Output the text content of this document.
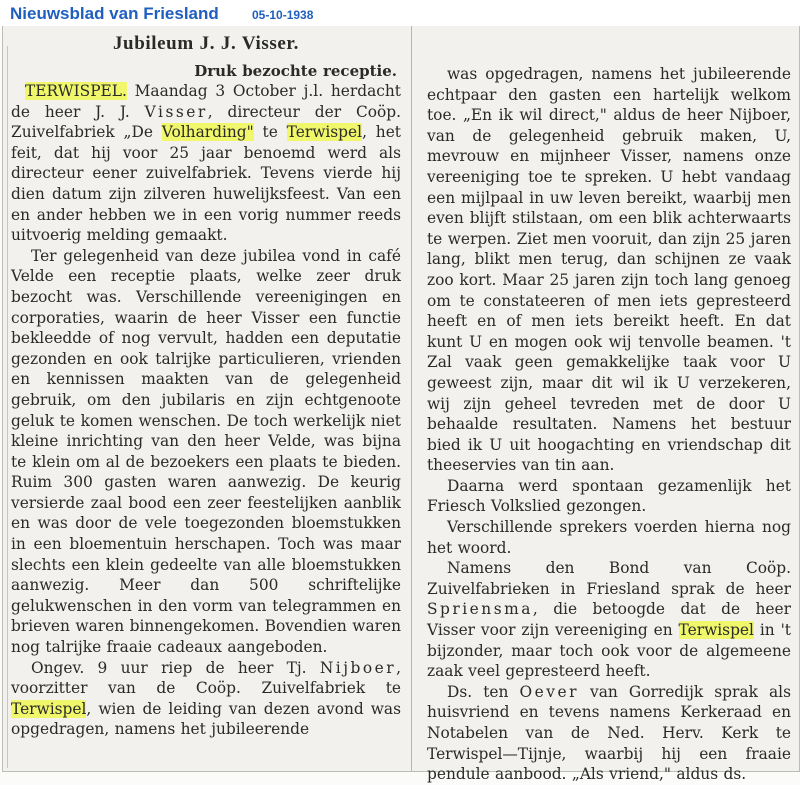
Nieuwsblad van Friesland	05-10-1938
Jubileum J. J. Visser.
Druk bezochte receptie.

TERWISPEL. Maandag 3 October j.l. herdacht de heer J. J. Visser, directeur der Coöp. Zuivelfabriek „De Volharding" te Terwispel, het feit, dat hij voor 25 jaar benoemd werd als directeur eener zuivelfabriek. Tevens vierde hij dien datum zijn zilveren huwelijksfeest. Van een en ander hebben we in een vorig nummer reeds uitvoerig melding gemaakt.

Ter gelegenheid van deze jubilea vond in café Velde een receptie plaats, welke zeer druk bezocht was. Verschillende vereenigingen en corporaties, waarin de heer Visser een functie bekleedde of nog vervult, hadden een deputatie gezonden en ook talrijke particulieren, vrienden en kennissen maakten van de gelegenheid gebruik, om den jubilaris en zijn echtgenoote geluk te komen wenschen. De toch werkelijk niet kleine inrichting van den heer Velde, was bijna te klein om al de bezoekers een plaats te bieden. Ruim 300 gasten waren aanwezig. De keurig versierde zaal bood een zeer feestelijken aanblik en was door de vele toegezonden bloemstukken in een bloementuin herschapen. Toch was maar slechts een klein gedeelte van alle bloemstukken aanwezig. Meer dan 500 schriftelijke gelukwenschen in den vorm van telegrammen en brieven waren binnengekomen. Bovendien waren nog talrijke fraaie cadeaux aangeboden.

Ongev. 9 uur riep de heer Tj. Nijboer, voorzitter van de Coöp. Zuivelfabriek te Terwispel, wien de leiding van dezen avond was opgedragen, namens het jubileerende

was opgedragen, namens het jubileerende echtpaar den gasten een hartelijk welkom toe. „En ik wil direct," aldus de heer Nijboer, van de gelegenheid gebruik maken, U, mevrouw en mijnheer Visser, namens onze vereeniging toe te spreken. U hebt vandaag een mijlpaal in uw leven bereikt, waarbij men even blijft stilstaan, om een blik achterwaarts te werpen. Ziet men vooruit, dan zijn 25 jaren lang, blikt men terug, dan schijnen ze vaak zoo kort. Maar 25 jaren zijn toch lang genoeg om te constateeren of men iets gepresteerd heeft en of men iets bereikt heeft. En dat kunt U en mogen ook wij tenvolle beamen. 't Zal vaak geen gemakkelijke taak voor U geweest zijn, maar dit wil ik U verzekeren, wij zijn geheel tevreden met de door U behaalde resultaten. Namens het bestuur bied ik U uit hoogachting en vriendschap dit theeservies van tin aan.

Daarna werd spontaan gezamenlijk het Friesch Volkslied gezongen.

Verschillende sprekers voerden hierna nog het woord.

Namens den Bond van Coöp. Zuivelfabrieken in Friesland sprak de heer Spriensma, die betoogde dat de heer Visser voor zijn vereeniging en Terwispel in 't bijzonder, maar toch ook voor de algemeene zaak veel gepresteerd heeft.

Ds. ten Oever van Gorredijk sprak als huisvriend en tevens namens Kerkeraad en Notabelen van de Ned. Herv. Kerk te Terwispel—Tijnje, waarbij hij een fraaie pendule aanbood. „Als vriend," aldus ds.
